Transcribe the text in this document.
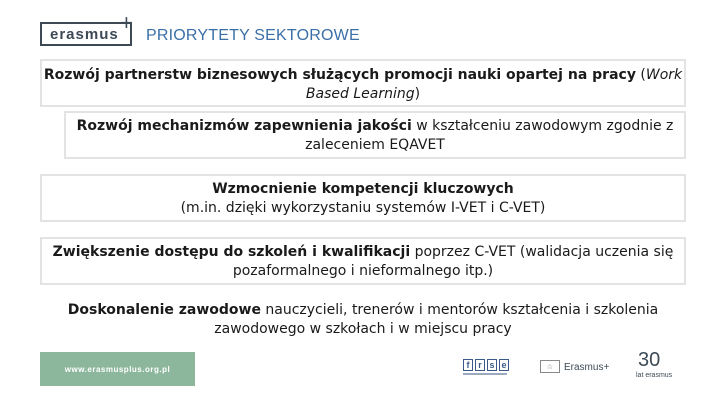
erasmus +
PRIORYTETY SEKTOROWE
Rozwój partnerstw biznesowych służących promocji nauki opartej na pracy (Work Based Learning)
Rozwój mechanizmów zapewnienia jakości w kształceniu zawodowym zgodnie z zaleceniem EQAVET
Wzmocnienie kompetencji kluczowych
(m.in. dzięki wykorzystaniu systemów I-VET i C-VET)
Zwiększenie dostępu do szkoleń i kwalifikacji poprzez C-VET (walidacja uczenia się pozaformalnego i nieformalnego itp.)
Doskonalenie zawodowe nauczycieli, trenerów i mentorów kształcenia i szkolenia zawodowego w szkołach i w miejscu pracy
www.erasmusplus.org.pl	f r s e	☆	Erasmus+ 30
lat erasmus
